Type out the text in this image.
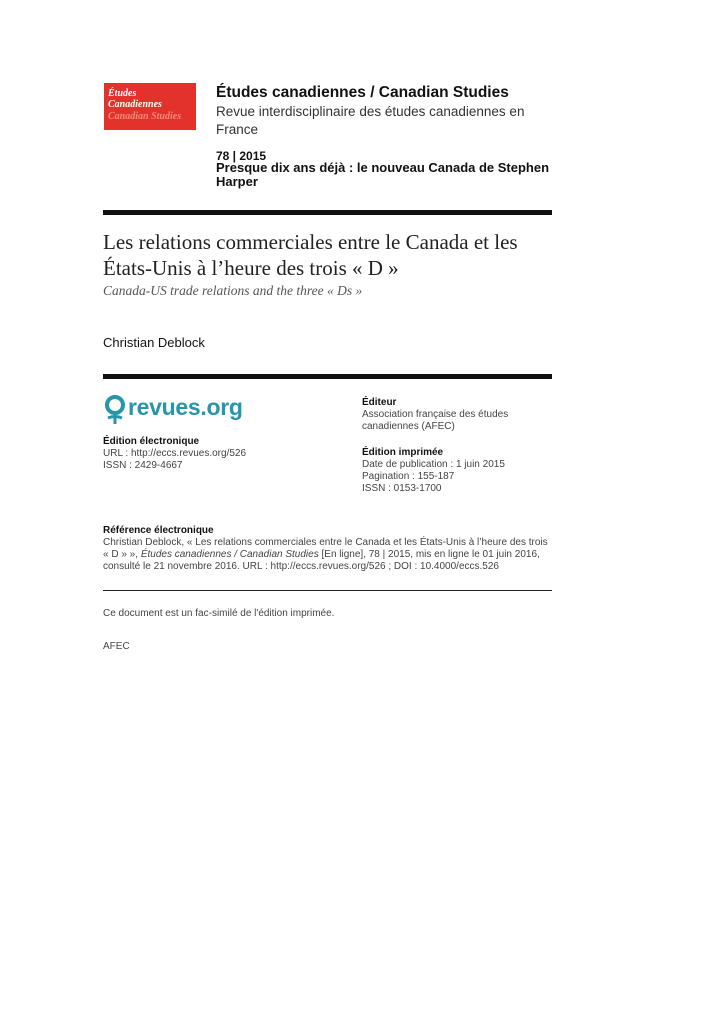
Études
Canadiennes
Canadian Studies
Études canadiennes / Canadian Studies
Revue interdisciplinaire des études canadiennes en France
78 | 2015
Presque dix ans déjà : le nouveau Canada de Stephen Harper
Les relations commerciales entre le Canada et les États-Unis à l’heure des trois « D »
Canada-US trade relations and the three « Ds »
Christian Deblock
revues.org
Édition électronique
URL : http://eccs.revues.org/526
ISSN : 2429-4667
Éditeur
Association française des études canadiennes (AFEC)
Édition imprimée
Date de publication : 1 juin 2015
Pagination : 155-187
ISSN : 0153-1700
Référence électronique
Christian Deblock, « Les relations commerciales entre le Canada et les États-Unis à l’heure des trois « D » », Études canadiennes / Canadian Studies [En ligne], 78 | 2015, mis en ligne le 01 juin 2016, consulté le 21 novembre 2016. URL : http://eccs.revues.org/526 ; DOI : 10.4000/eccs.526
Ce document est un fac-similé de l'édition imprimée.
AFEC
